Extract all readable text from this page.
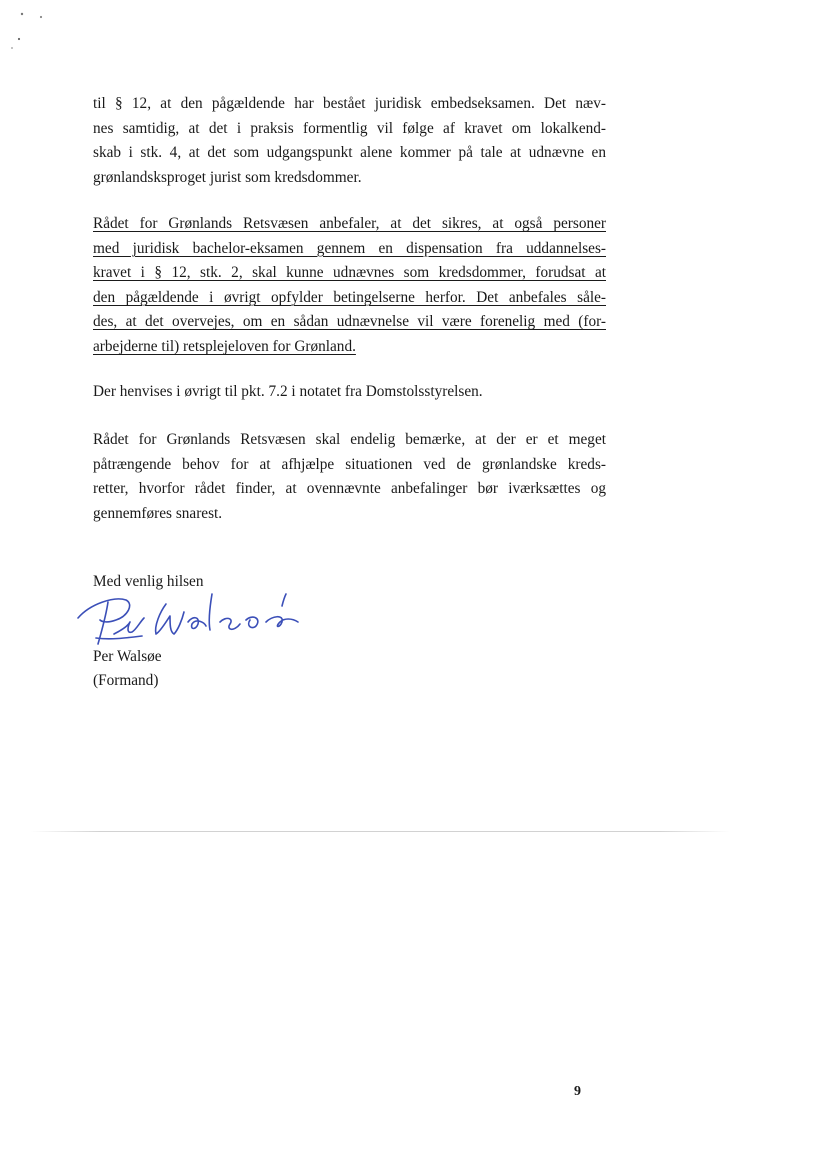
til § 12, at den pågældende har bestået juridisk embedseksamen. Det næv-
nes samtidig, at det i praksis formentlig vil følge af kravet om lokalkend-
skab i stk. 4, at det som udgangspunkt alene kommer på tale at udnævne en
grønlandsksproget jurist som kredsdommer.

Rådet for Grønlands Retsvæsen anbefaler, at det sikres, at også personer
med juridisk bachelor-eksamen gennem en dispensation fra uddannelses-
kravet i § 12, stk. 2, skal kunne udnævnes som kredsdommer, forudsat at
den pågældende i øvrigt opfylder betingelserne herfor. Det anbefales såle-
des, at det overvejes, om en sådan udnævnelse vil være forenelig med (for-
arbejderne til) retsplejeloven for Grønland.

Der henvises i øvrigt til pkt. 7.2 i notatet fra Domstolsstyrelsen.

Rådet for Grønlands Retsvæsen skal endelig bemærke, at der er et meget
påtrængende behov for at afhjælpe situationen ved de grønlandske kreds-
retter, hvorfor rådet finder, at ovennævnte anbefalinger bør iværksættes og
gennemføres snarest.

Med venlig hilsen
Per Walsøe
(Formand)
9
